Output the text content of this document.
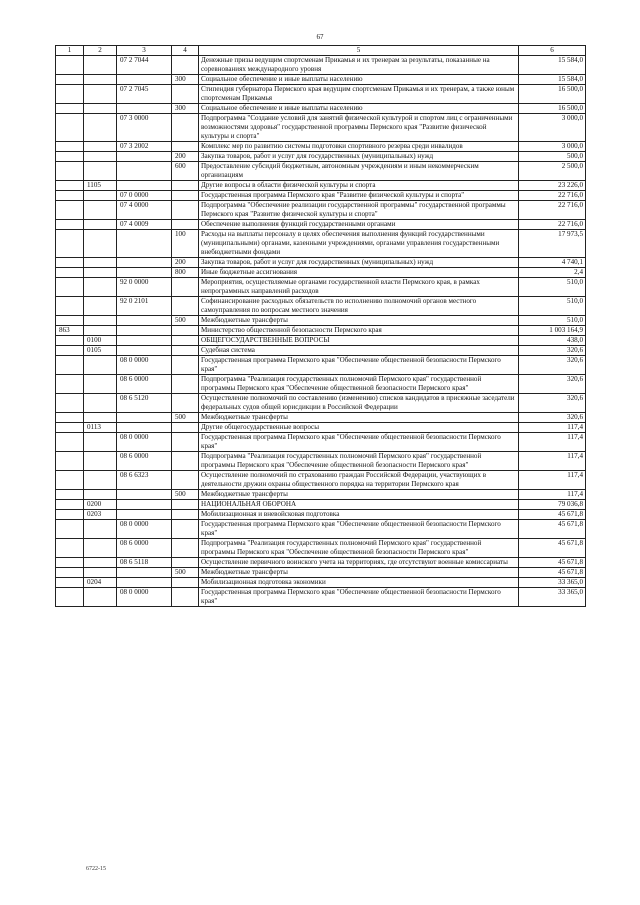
67
1	2	3	4	5	6
		07 2 7044		Денежные призы ведущим спортсменам Прикамья и их тренерам за результаты, показанные на соревнованиях международного уровня	15 584,0
			300	Социальное обеспечение и иные выплаты населению	15 584,0
		07 2 7045		Стипендия губернатора Пермского края ведущим спортсменам Прикамья и их тренерам, а также юным спортсменам Прикамья	16 500,0
			300	Социальное обеспечение и иные выплаты населению	16 500,0
		07 3 0000		Подпрограмма "Создание условий для занятий физической культурой и спортом лиц с ограниченными возможностями здоровья" государственной программы Пермского края "Развитие физической культуры и спорта"	3 000,0
		07 3 2002		Комплекс мер по развитию системы подготовки спортивного резерва среди инвалидов	3 000,0
			200	Закупка товаров, работ и услуг для государственных (муниципальных) нужд	500,0
			600	Предоставление субсидий бюджетным, автономным учреждениям и иным некоммерческим организациям	2 500,0
	1105			Другие вопросы в области физической культуры и спорта	23 226,0
		07 0 0000		Государственная программа Пермского края "Развитие физической культуры и спорта"	22 716,0
		07 4 0000		Подпрограмма "Обеспечение реализации государственной программы" государственной программы Пермского края "Развитие физической культуры и спорта"	22 716,0
		07 4 0009		Обеспечение выполнения функций государственными органами	22 716,0
			100	Расходы на выплаты персоналу в целях обеспечения выполнения функций государственными (муниципальными) органами, казенными учреждениями, органами управления государственными внебюджетными фондами	17 973,5
			200	Закупка товаров, работ и услуг для государственных (муниципальных) нужд	4 740,1
			800	Иные бюджетные ассигнования	2,4
		92 0 0000		Мероприятия, осуществляемые органами государственной власти Пермского края, в рамках непрограммных направлений расходов	510,0
		92 0 2101		Софинансирование расходных обязательств по исполнению полномочий органов местного самоуправления по вопросам местного значения	510,0
			500	Межбюджетные трансферты	510,0
863				Министерство общественной безопасности Пермского края	1 003 164,9
	0100			ОБЩЕГОСУДАРСТВЕННЫЕ ВОПРОСЫ	438,0
	0105			Судебная система	320,6
		08 0 0000		Государственная программа Пермского края "Обеспечение общественной безопасности Пермского края"	320,6
		08 6 0000		Подпрограмма "Реализация государственных полномочий Пермского края" государственной программы Пермского края "Обеспечение общественной безопасности Пермского края"	320,6
		08 6 5120		Осуществление полномочий по составлению (изменению) списков кандидатов в присяжные заседатели федеральных судов общей юрисдикции в Российской Федерации	320,6
			500	Межбюджетные трансферты	320,6
	0113			Другие общегосударственные вопросы	117,4
		08 0 0000		Государственная программа Пермского края "Обеспечение общественной безопасности Пермского края"	117,4
		08 6 0000		Подпрограмма "Реализация государственных полномочий Пермского края" государственной программы Пермского края "Обеспечение общественной безопасности Пермского края"	117,4
		08 6 6323		Осуществление полномочий по страхованию граждан Российской Федерации, участвующих в деятельности дружин охраны общественного порядка на территории Пермского края	117,4
			500	Межбюджетные трансферты	117,4
	0200			НАЦИОНАЛЬНАЯ ОБОРОНА	79 036,8
	0203			Мобилизационная и вневойсковая подготовка	45 671,8
		08 0 0000		Государственная программа Пермского края "Обеспечение общественной безопасности Пермского края"	45 671,8
		08 6 0000		Подпрограмма "Реализация государственных полномочий Пермского края" государственной программы Пермского края "Обеспечение общественной безопасности Пермского края"	45 671,8
		08 6 5118		Осуществление первичного воинского учета на территориях, где отсутствуют военные комиссариаты	45 671,8
			500	Межбюджетные трансферты	45 671,8
	0204			Мобилизационная подготовка экономики	33 365,0
		08 0 0000		Государственная программа Пермского края "Обеспечение общественной безопасности Пермского края"	33 365,0
6722-15
